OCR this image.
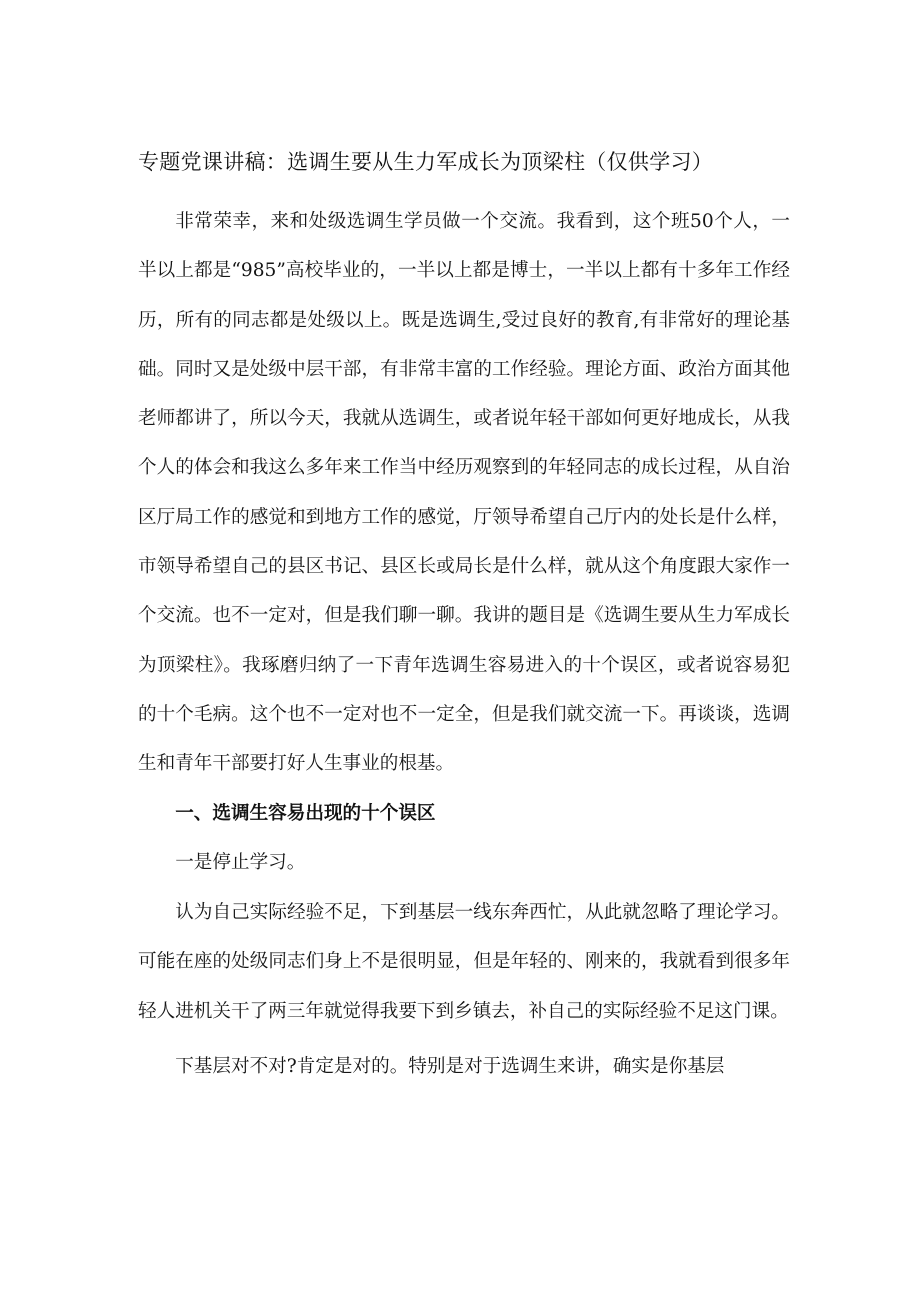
专题党课讲稿：选调生要从生力军成长为顶梁柱（仅供学习）

非常荣幸，来和处级选调生学员做一个交流。我看到，这个班50个人，一半以上都是“985”高校毕业的，一半以上都是博士，一半以上都有十多年工作经历，所有的同志都是处级以上。既是选调生,受过良好的教育,有非常好的理论基础。同时又是处级中层干部，有非常丰富的工作经验。理论方面、政治方面其他老师都讲了，所以今天，我就从选调生，或者说年轻干部如何更好地成长，从我个人的体会和我这么多年来工作当中经历观察到的年轻同志的成长过程，从自治区厅局工作的感觉和到地方工作的感觉，厅领导希望自己厅内的处长是什么样，市领导希望自己的县区书记、县区长或局长是什么样，就从这个角度跟大家作一个交流。也不一定对，但是我们聊一聊。我讲的题目是《选调生要从生力军成长为顶梁柱》。我琢磨归纳了一下青年选调生容易进入的十个误区，或者说容易犯的十个毛病。这个也不一定对也不一定全，但是我们就交流一下。再谈谈，选调生和青年干部要打好人生事业的根基。

一、选调生容易出现的十个误区

一是停止学习。

认为自己实际经验不足，下到基层一线东奔西忙，从此就忽略了理论学习。可能在座的处级同志们身上不是很明显，但是年轻的、刚来的，我就看到很多年轻人进机关干了两三年就觉得我要下到乡镇去，补自己的实际经验不足这门课。

下基层对不对?肯定是对的。特别是对于选调生来讲，确实是你基层
